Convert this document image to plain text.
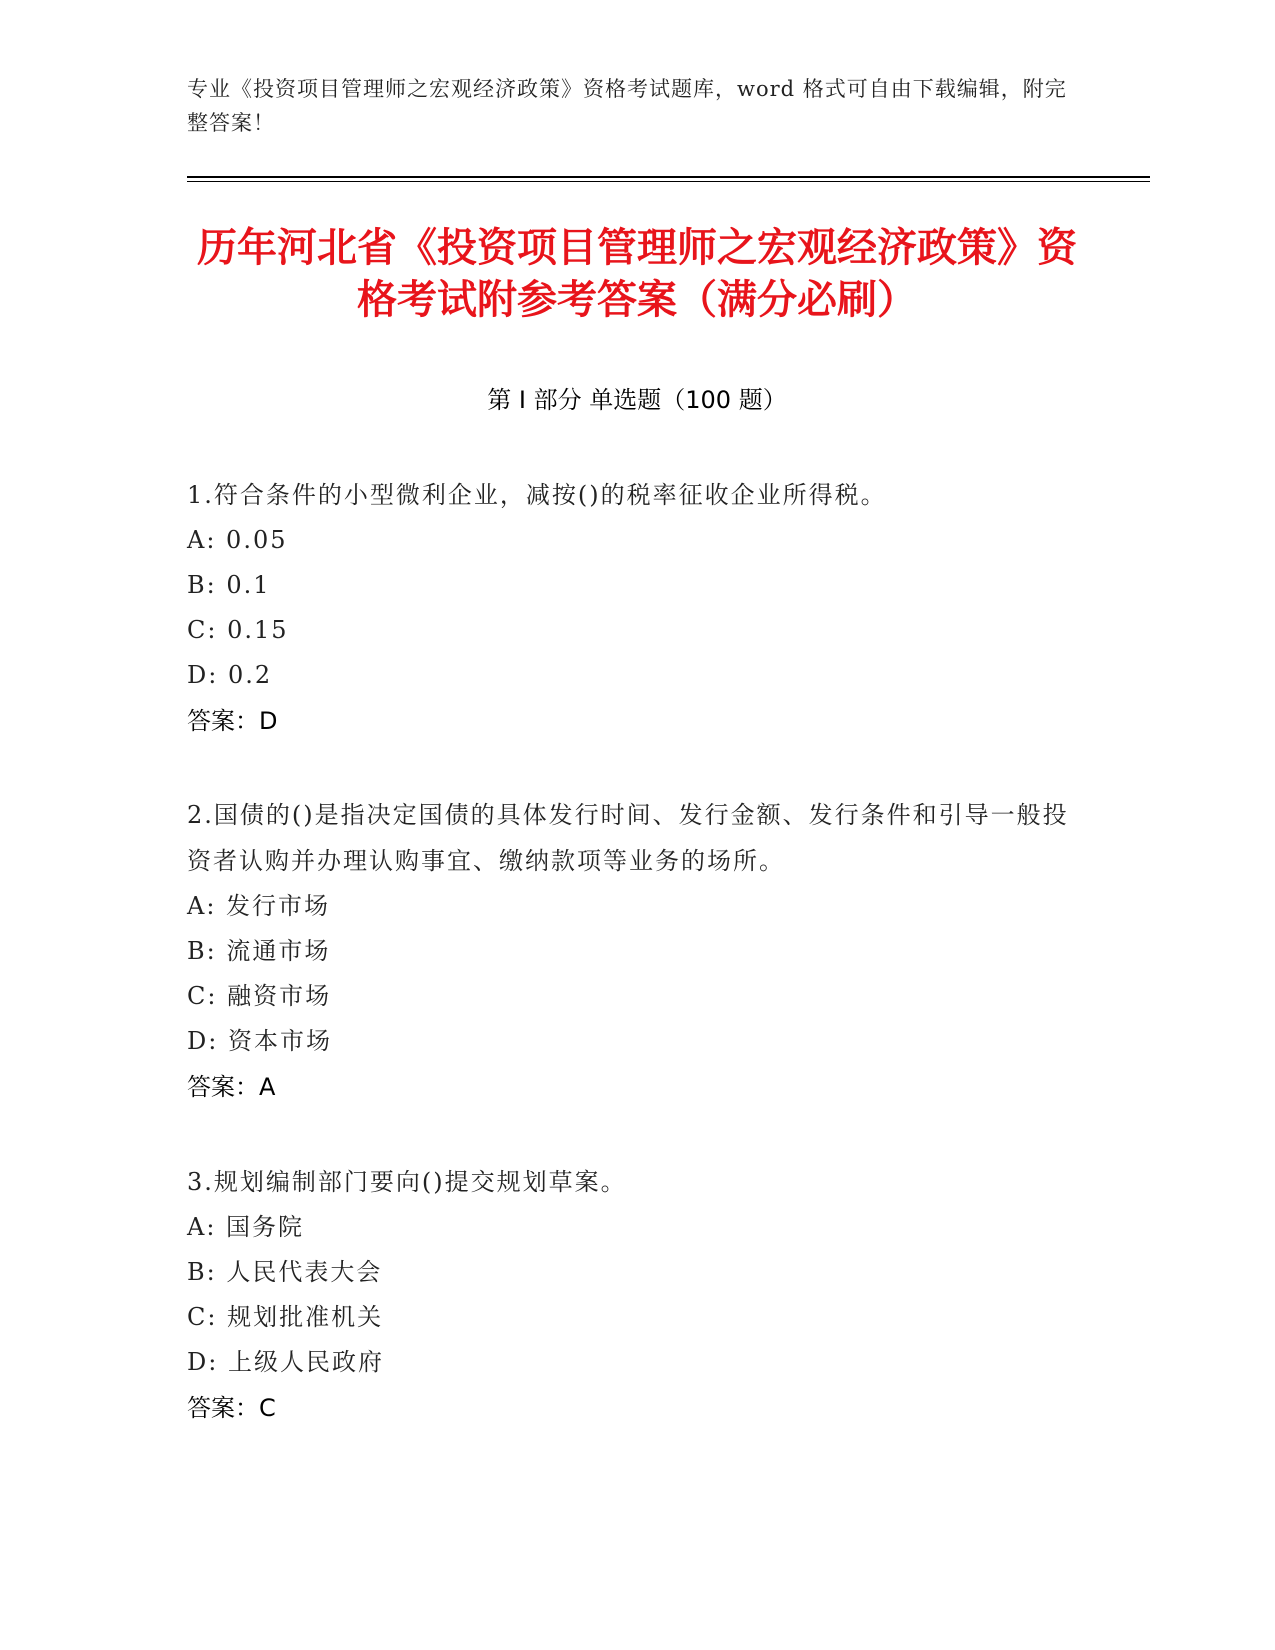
专业《投资项目管理师之宏观经济政策》资格考试题库，word 格式可自由下载编辑，附完整答案！
历年河北省《投资项目管理师之宏观经济政策》资格考试附参考答案（满分必刷）
第 I 部分 单选题（100 题）

1.符合条件的小型微利企业，减按()的税率征收企业所得税。

A: 0.05

B: 0.1

C: 0.15

D: 0.2

答案：D

2.国债的()是指决定国债的具体发行时间、发行金额、发行条件和引导一般投资者认购并办理认购事宜、缴纳款项等业务的场所。

A: 发行市场

B: 流通市场

C: 融资市场

D: 资本市场

答案：A

3.规划编制部门要向()提交规划草案。

A: 国务院

B: 人民代表大会

C: 规划批准机关

D: 上级人民政府

答案：C
